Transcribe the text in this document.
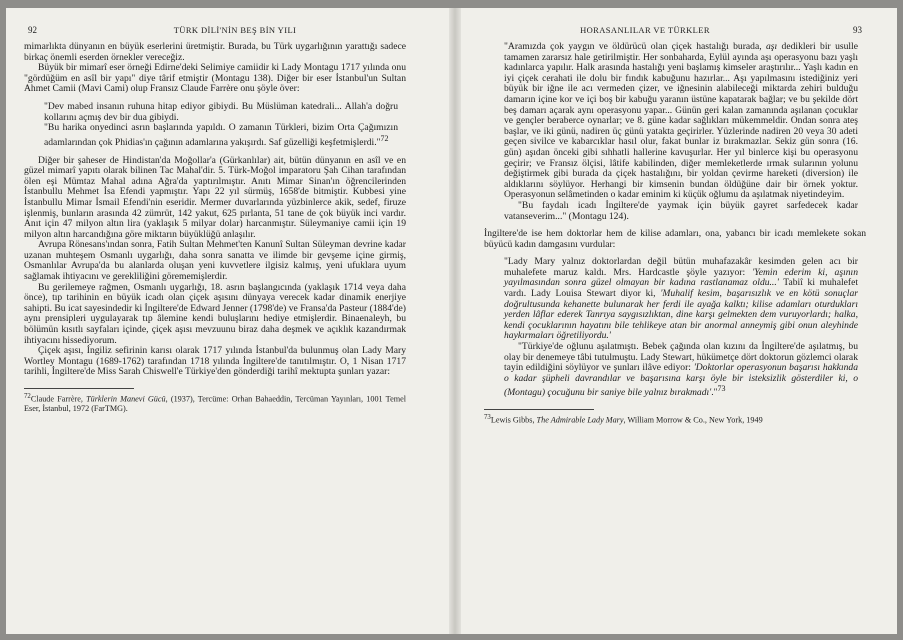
92	TÜRK DİLİ'NİN BEŞ BİN YILI

mimarlıkta dünyanın en büyük eserlerini üretmiştir. Burada, bu Türk uygarlığının yarattığı sadece birkaç önemli eserden örnekler vereceğiz.

Büyük bir mimarî eser örneği Edirne'deki Selimiye camiidir ki Lady Montagu 1717 yılında onu "gördüğüm en asîl bir yapı" diye târif etmiştir (Montagu 138). Diğer bir eser İstanbul'un Sultan Ahmet Camii (Mavi Cami) olup Fransız Claude Farrère onu şöyle över:

"Dev mabed insanın ruhuna hitap ediyor gibiydi. Bu Müslüman katedrali... Allah'a doğru kollarını açmış dev bir dua gibiydi.

"Bu harika onyedinci asrın başlarında yapıldı. O zamanın Türkleri, bizim Orta Çağımızın adamlarından çok Phidias'ın çağının adamlarına yakışırdı. Saf güzelliği keşfetmişlerdi."$^{72}$

Diğer bir şaheser de Hindistan'da Moğollar'a (Gürkanlılar) ait, bütün dünyanın en asîl ve en güzel mimarî yapıtı olarak bilinen Tac Mahal'dir. 5. Türk-Moğol imparatoru Şah Cihan tarafından ölen eşi Mümtaz Mahal adına Ağra'da yaptırılmıştır. Anıtı Mimar Sinan'ın öğrencilerinden İstanbullu Mehmet İsa Efendi yapmıştır. Yapı 22 yıl sürmüş, 1658'de bitmiştir. Kubbesi yine İstanbullu Mimar İsmail Efendi'nin eseridir. Mermer duvarlarında yüzbinlerce akik, sedef, firuze işlenmiş, bunların arasında 42 zümrüt, 142 yakut, 625 pırlanta, 51 tane de çok büyük inci vardır. Anıt için 47 milyon altın lira (yaklaşık 5 milyar dolar) harcanmıştır. Süleymaniye camii için 19 milyon altın harcandığına göre miktarın büyüklüğü anlaşılır.

Avrupa Rönesans'ından sonra, Fatih Sultan Mehmet'ten Kanunî Sultan Süleyman devrine kadar uzanan muhteşem Osmanlı uygarlığı, daha sonra sanatta ve ilimde bir gevşeme içine girmiş, Osmanlılar Avrupa'da bu alanlarda oluşan yeni kuvvetlere ilgisiz kalmış, yeni ufuklara uyum sağlamak ihtiyacını ve gerekliliğini görememişlerdir.

Bu gerilemeye rağmen, Osmanlı uygarlığı, 18. asrın başlangıcında (yaklaşık 1714 veya daha önce), tıp tarihinin en büyük icadı olan çiçek aşısını dünyaya verecek kadar dinamik enerjiye sahipti. Bu icat sayesindedir ki İngiltere'de Edward Jenner (1798'de) ve Fransa'da Pasteur (1884'de) aynı prensipleri uygulayarak tıp âlemine kendi buluşlarını hediye etmişlerdir. Binaenaleyh, bu bölümün kısıtlı sayfaları içinde, çiçek aşısı mevzuunu biraz daha deşmek ve açıklık kazandırmak ihtiyacını hissediyorum.

Çiçek aşısı, İngiliz sefirinin karısı olarak 1717 yılında İstanbul'da bulunmuş olan Lady Mary Wortley Montagu (1689-1762) tarafından 1718 yılında İngiltere'de tanıtılmıştır. O, 1 Nisan 1717 tarihli, İngiltere'de Miss Sarah Chiswell'e Türkiye'den gönderdiği tarihî mektupta şunları yazar:

$^{72}$Claude Farrère, Türklerin Manevi Gücü, (1937), Tercüme: Orhan Bahaeddin, Tercüman Yayınları, 1001 Temel Eser, İstanbul, 1972 (FarTMG).

HORASANLILAR VE TÜRKLER	93

"Aramızda çok yaygın ve öldürücü olan çiçek hastalığı burada, aşı dedikleri bir usulle tamamen zararsız hale getirilmiştir. Her sonbaharda, Eylül ayında aşı operasyonu bazı yaşlı kadınlarca yapılır. Halk arasında hastalığı yeni başlamış kimseler araştırılır... Yaşlı kadın en iyi çiçek cerahati ile dolu bir fındık kabuğunu hazırlar... Aşı yapılmasını istediğiniz yeri büyük bir iğne ile acı vermeden çizer, ve iğnesinin alabileceği miktarda zehiri bulduğu damarın içine kor ve içi boş bir kabuğu yaranın üstüne kapatarak bağlar; ve bu şekilde dört beş damarı açarak aynı operasyonu yapar... Günün geri kalan zamanında aşılanan çocuklar ve gençler beraberce oynarlar; ve 8. güne kadar sağlıkları mükemmeldir. Ondan sonra ateş başlar, ve iki günü, nadiren üç günü yatakta geçirirler. Yüzlerinde nadiren 20 veya 30 adeti geçen sivilce ve kabarcıklar hasıl olur, fakat bunlar iz bırakmazlar. Sekiz gün sonra (16. gün) aşıdan önceki gibi sıhhatli hallerine kavuşurlar. Her yıl binlerce kişi bu operasyonu geçirir; ve Fransız ölçisi, lâtife kabilinden, diğer memleketlerde ırmak sularının yolunu değiştirmek gibi burada da çiçek hastalığını, bir yoldan çevirme hareketi (diversion) ile aldıklarını söylüyor. Herhangi bir kimsenin bundan öldüğüne dair bir örnek yoktur. Operasyonun selâmetinden o kadar eminim ki küçük oğlumu da aşılatmak niyetindeyim.

"Bu faydalı icadı İngiltere'de yaymak için büyük gayret sarfedecek kadar vatanseverim..." (Montagu 124).

İngiltere'de ise hem doktorlar hem de kilise adamları, ona, yabancı bir icadı memlekete sokan büyücü kadın damgasını vurdular:

"Lady Mary yalnız doktorlardan değil bütün muhafazakâr kesimden gelen acı bir muhalefete maruz kaldı. Mrs. Hardcastle şöyle yazıyor: 'Yemin ederim ki, aşının yayılmasından sonra güzel olmayan bir kadına rastlanamaz oldu...' Tabiî ki muhalefet vardı. Lady Louisa Stewart diyor ki, 'Muhalif kesim, başarısızlık ve en kötü sonuçlar doğrultusunda kehanette bulunarak her ferdi ile ayağa kalktı; kilise adamları oturdukları yerden lâflar ederek Tanrıya saygısızlıktan, dine karşı gelmekten dem vuruyorlardı; halka, kendi çocuklarının hayatını bile tehlikeye atan bir anormal anneymiş gibi onun aleyhinde haykırmaları öğretiliyordu.'

"Türkiye'de oğlunu aşılatmıştı. Bebek çağında olan kızını da İngiltere'de aşılatmış, bu olay bir denemeye tâbi tutulmuştu. Lady Stewart, hükümetçe dört doktorun gözlemci olarak tayin edildiğini söylüyor ve şunları ilâve ediyor: 'Doktorlar operasyonun başarısı hakkında o kadar şüpheli davrandılar ve başarısına karşı öyle bir isteksizlik gösterdiler ki, o (Montagu) çocuğunu bir saniye bile yalnız bırakmadı'."$^{73}$

$^{73}$Lewis Gibbs, The Admirable Lady Mary, William Morrow & Co., New York, 1949
